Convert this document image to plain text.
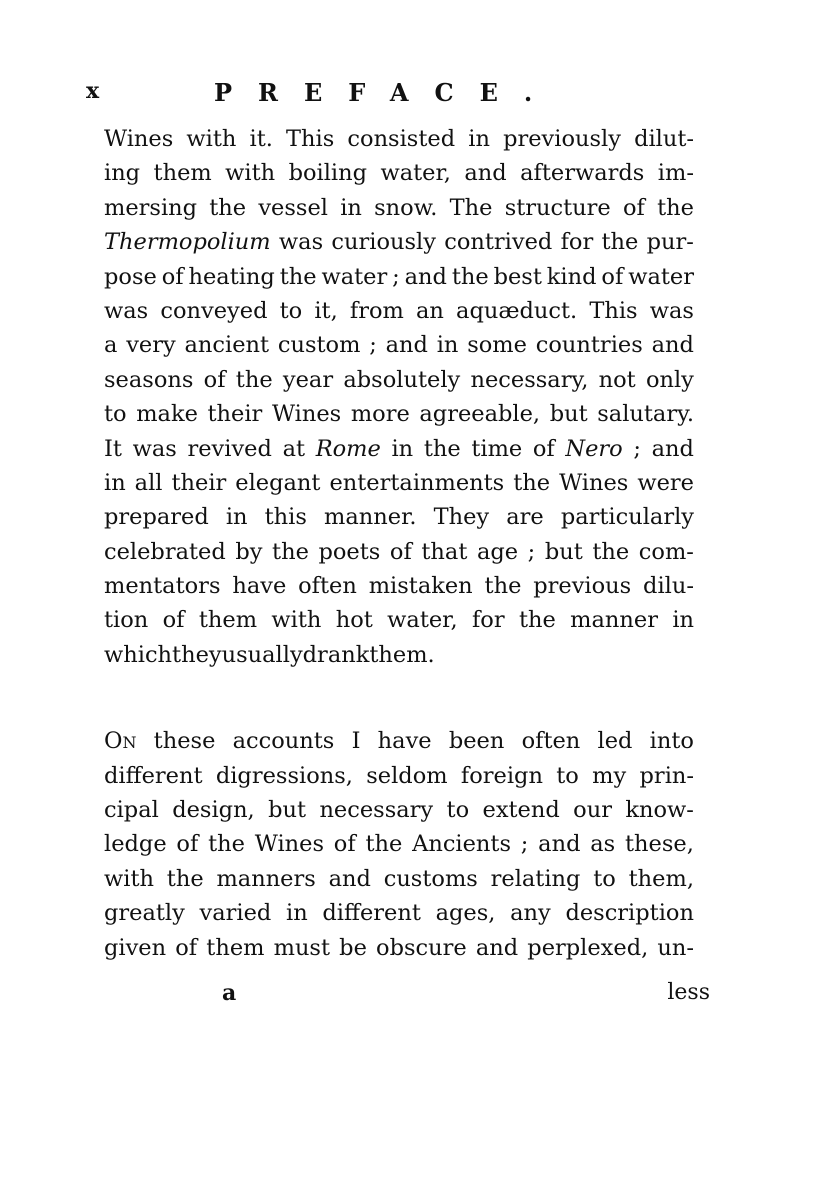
x	PREFACE.
Wines with it. This consisted in previously dilut-
ing them with boiling water, and afterwards im-
mersing the vessel in snow. The structure of the
Thermopolium was curiously contrived for the pur-
pose of heating the water ; and the best kind of water
was conveyed to it, from an aquæduct. This was
a very ancient custom ; and in some countries and
seasons of the year absolutely necessary, not only
to make their Wines more agreeable, but salutary.
It was revived at Rome in the time of Nero ; and
in all their elegant entertainments the Wines were
prepared in this manner. They are particularly
celebrated by the poets of that age ; but the com-
mentators have often mistaken the previous dilu-
tion of them with hot water, for the manner in
which they usually drank them.
On these accounts I have been often led into
different digressions, seldom foreign to my prin-
cipal design, but necessary to extend our know-
ledge of the Wines of the Ancients ; and as these,
with the manners and customs relating to them,
greatly varied in different ages, any description
given of them must be obscure and perplexed, un-
a	less
